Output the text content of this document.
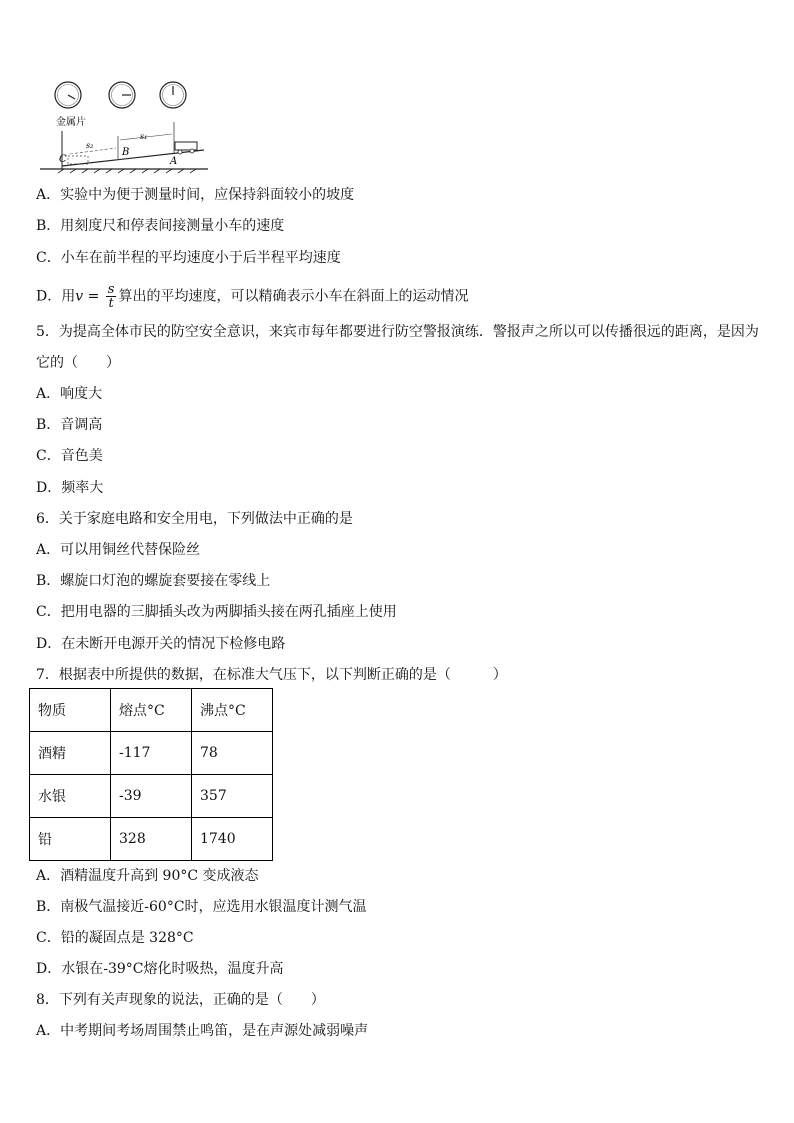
金属片
C
B
A
s₂
s₁
A．实验中为便于测量时间，应保持斜面较小的坡度
B．用刻度尺和停表间接测量小车的速度
C．小车在前半程的平均速度小于后半程平均速度
D．用$v = \frac{s}{t}$ 算出的平均速度，可以精确表示小车在斜面上的运动情况
5．为提高全体市民的防空安全意识，来宾市每年都要进行防空警报演练．警报声之所以可以传播很远的距离，是因为
它的（　　）
A．响度大
B．音调高
C．音色美
D．频率大
6．关于家庭电路和安全用电，下列做法中正确的是
A．可以用铜丝代替保险丝
B．螺旋口灯泡的螺旋套要接在零线上
C．把用电器的三脚插头改为两脚插头接在两孔插座上使用
D．在未断开电源开关的情况下检修电路
7．根据表中所提供的数据，在标准大气压下，以下判断正确的是（　　　）
物质	熔点°C	沸点°C
酒精	-117	78
水银	-39	357
铅	328	1740
A．酒精温度升高到 90°C 变成液态
B．南极气温接近-60°C时，应选用水银温度计测气温
C．铅的凝固点是 328°C
D．水银在-39°C熔化时吸热，温度升高
8．下列有关声现象的说法，正确的是（　　）
A．中考期间考场周围禁止鸣笛，是在声源处减弱噪声
